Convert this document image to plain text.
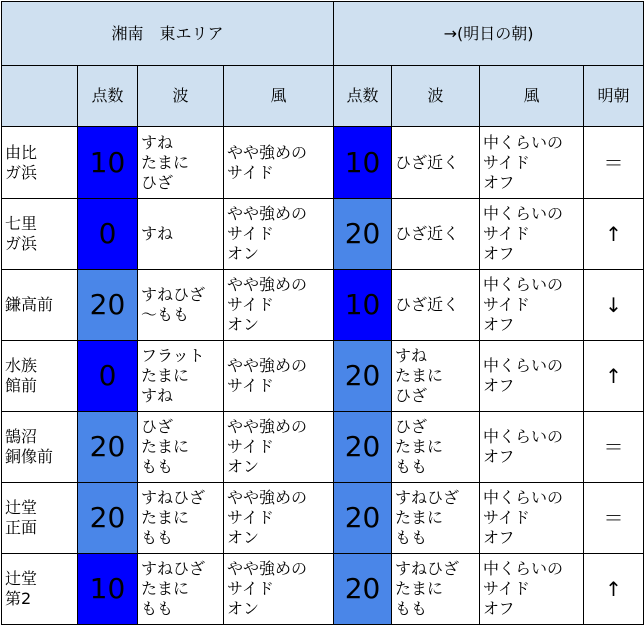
湘南　東エリア				→(明日の朝)			
	点数	波	風	点数	波	風	明朝
由比
ガ浜	10	すね
たまに
ひざ	やや強めの
サイド	10	ひざ近く	中くらいの
サイド
オフ	＝
七里
ガ浜	0	すね	やや強めの
サイド
オン	20	ひざ近く	中くらいの
サイド
オフ	↑
鎌高前	20	すねひざ
～もも	やや強めの
サイド
オン	10	ひざ近く	中くらいの
サイド
オフ	↓
水族
館前	0	フラット
たまに
すね	やや強めの
サイド	20	すね
たまに
ひざ	中くらいの
オフ	↑
鵠沼
銅像前	20	ひざ
たまに
もも	やや強めの
サイド
オン	20	ひざ
たまに
もも	中くらいの
オフ	＝
辻堂
正面	20	すねひざ
たまに
もも	やや強めの
サイド
オン	20	すねひざ
たまに
もも	中くらいの
サイド
オフ	＝
辻堂
第2	10	すねひざ
たまに
もも	やや強めの
サイド
オン	20	すねひざ
たまに
もも	中くらいの
サイド
オフ	↑
